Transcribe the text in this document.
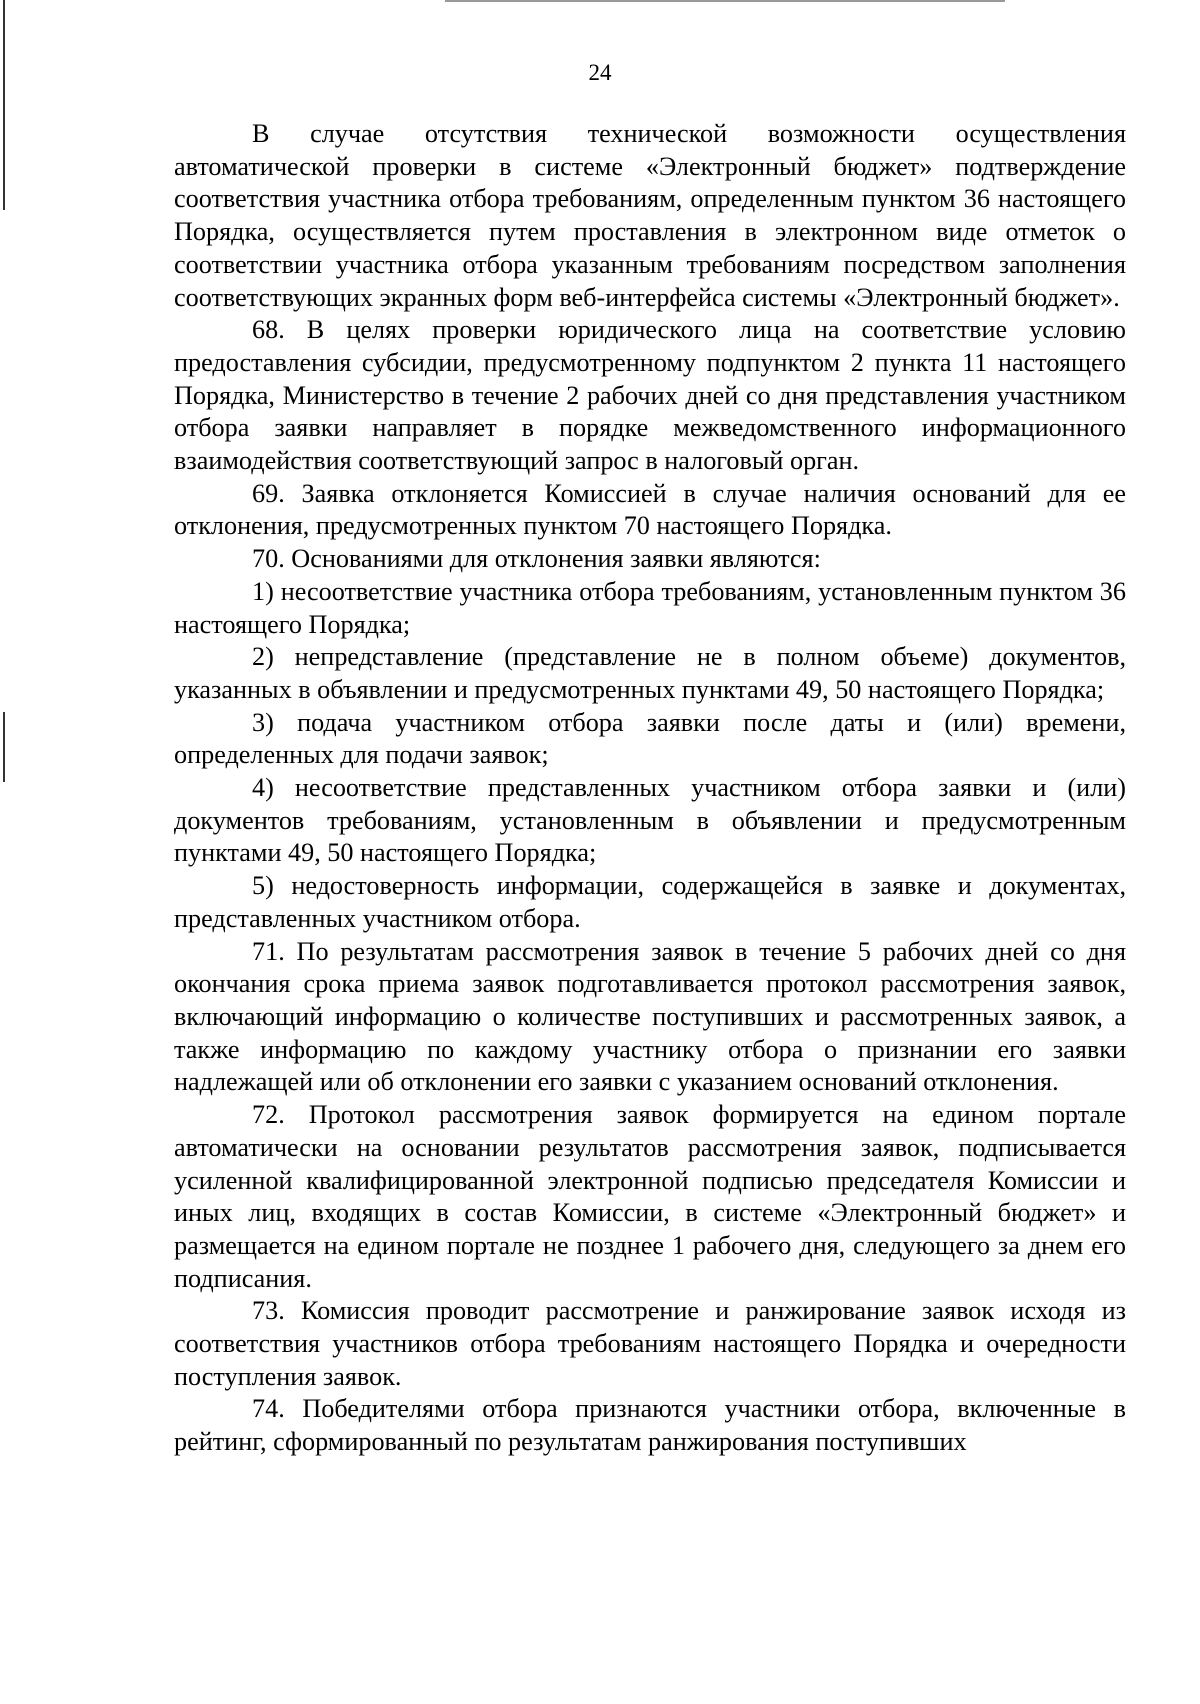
24

В случае отсутствия технической возможности осуществления автоматической проверки в системе «Электронный бюджет» подтверждение соответствия участника отбора требованиям, определенным пунктом 36 настоящего Порядка, осуществляется путем проставления в электронном виде отметок о соответствии участника отбора указанным требованиям посредством заполнения соответствующих экранных форм веб-интерфейса системы «Электронный бюджет».

68. В целях проверки юридического лица на соответствие условию предоставления субсидии, предусмотренному подпунктом 2 пункта 11 настоящего Порядка, Министерство в течение 2 рабочих дней со дня представления участником отбора заявки направляет в порядке межведомственного информационного взаимодействия соответствующий запрос в налоговый орган.

69. Заявка отклоняется Комиссией в случае наличия оснований для ее отклонения, предусмотренных пунктом 70 настоящего Порядка.

70. Основаниями для отклонения заявки являются:

1) несоответствие участника отбора требованиям, установленным пунктом 36 настоящего Порядка;

2) непредставление (представление не в полном объеме) документов, указанных в объявлении и предусмотренных пунктами 49, 50 настоящего Порядка;

3) подача участником отбора заявки после даты и (или) времени, определенных для подачи заявок;

4) несоответствие представленных участником отбора заявки и (или) документов требованиям, установленным в объявлении и предусмотренным пунктами 49, 50 настоящего Порядка;

5) недостоверность информации, содержащейся в заявке и документах, представленных участником отбора.

71. По результатам рассмотрения заявок в течение 5 рабочих дней со дня окончания срока приема заявок подготавливается протокол рассмотрения заявок, включающий информацию о количестве поступивших и рассмотренных заявок, а также информацию по каждому участнику отбора о признании его заявки надлежащей или об отклонении его заявки с указанием оснований отклонения.

72. Протокол рассмотрения заявок формируется на едином портале автоматически на основании результатов рассмотрения заявок, подписывается усиленной квалифицированной электронной подписью председателя Комиссии и иных лиц, входящих в состав Комиссии, в системе «Электронный бюджет» и размещается на едином портале не позднее 1 рабочего дня, следующего за днем его подписания.

73. Комиссия проводит рассмотрение и ранжирование заявок исходя из соответствия участников отбора требованиям настоящего Порядка и очередности поступления заявок.

74. Победителями отбора признаются участники отбора, включенные в рейтинг, сформированный по результатам ранжирования поступивших
